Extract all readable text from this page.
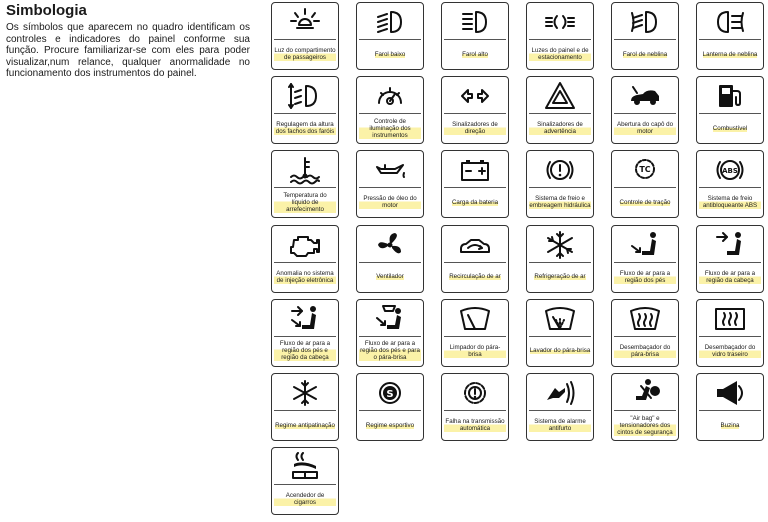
Simbologia

Os símbolos que aparecem no quadro identificam os controles e indicadores do painel conforme sua função. Procure familiarizar-se com eles para poder visualizar,num relance, qualquer anormalidade no funcionamento dos instrumentos do painel.

Luz do compartimento de passageiros	Farol baixo	Farol alto	Luzes do painel e de estacionamento	Farol de neblina	Lanterna de neblina
Regulagem da altura dos fachos dos faróis
Controle de iluminação dos instrumentos
Sinalizadores de direção
Sinalizadores de advertência
Abertura do capô do motor	Combustível
Temperatura do líquido de arrefecimento
Pressão de óleo do motor	Carga da bateria	Sistema de freio e embreagem hidráulica
TC
Controle de tração
ABS
Sistema de freio antibloqueante ABS
Anomalia no sistema de injeção eletrônica	Ventilador	Recirculação de ar	Refrigeração de ar	Fluxo de ar para a região dos pés
Fluxo de ar para a região da cabeça
Fluxo de ar para a região dos pés e região da cabeça
Fluxo de ar para a região dos pés e para o pára-brisa
Limpador do pára-brisa	Lavador do pára-brisa	Desembaçador do pára-brisa
Desembaçador do vidro traseiro
Regime antipatinação
S
Regime esportivo	Falha na transmissão automática
Sistema de alarme antifurto
"Air bag" e tensionadores dos cintos de segurança
Buzina
Acendedor de cigarros
